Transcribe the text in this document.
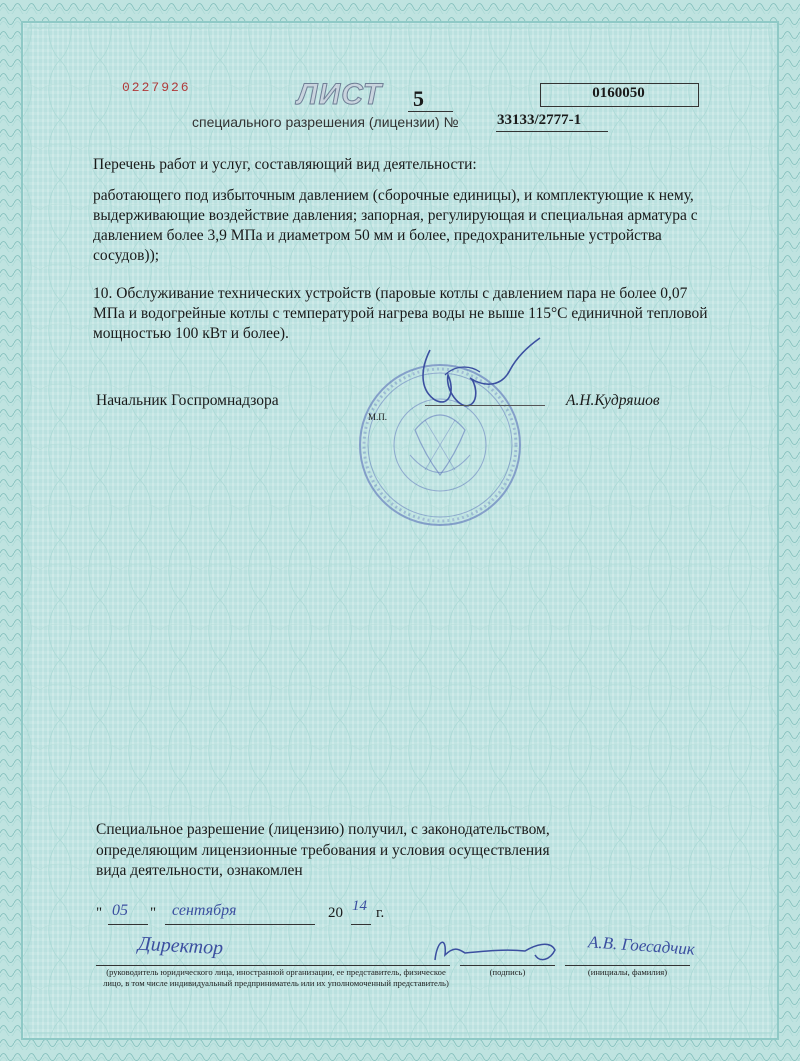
0227926	ЛИСТ 5	0160050
специального разрешения (лицензии) №	33133/2777-1
Перечень работ и услуг, составляющий вид деятельности:
работающего под избыточным давлением (сборочные единицы), и комплектующие к нему, выдерживающие воздействие давления; запорная, регулирующая и специальная арматура с давлением более 3,9 МПа и диаметром 50 мм и более, предохранительные устройства сосудов));
10. Обслуживание технических устройств (паровые котлы с давлением пара не более 0,07 МПа и водогрейные котлы с температурой нагрева воды не выше 115°С единичной тепловой мощностью 100 кВт и более).
Начальник Госпромнадзора
М.П.
А.Н.Кудряшов
Специальное разрешение (лицензию) получил, с законодательством, определяющим лицензионные требования и условия осуществления вида деятельности, ознакомлен
" 05 " сентября	20 14 г.
Директор	А.В. Гоесадчик
(руководитель юридического лица, иностранной организации, ее представитель, физическое лицо, в том числе индивидуальный предприниматель или их уполномоченный представитель)
(подпись)	(инициалы, фамилия)
